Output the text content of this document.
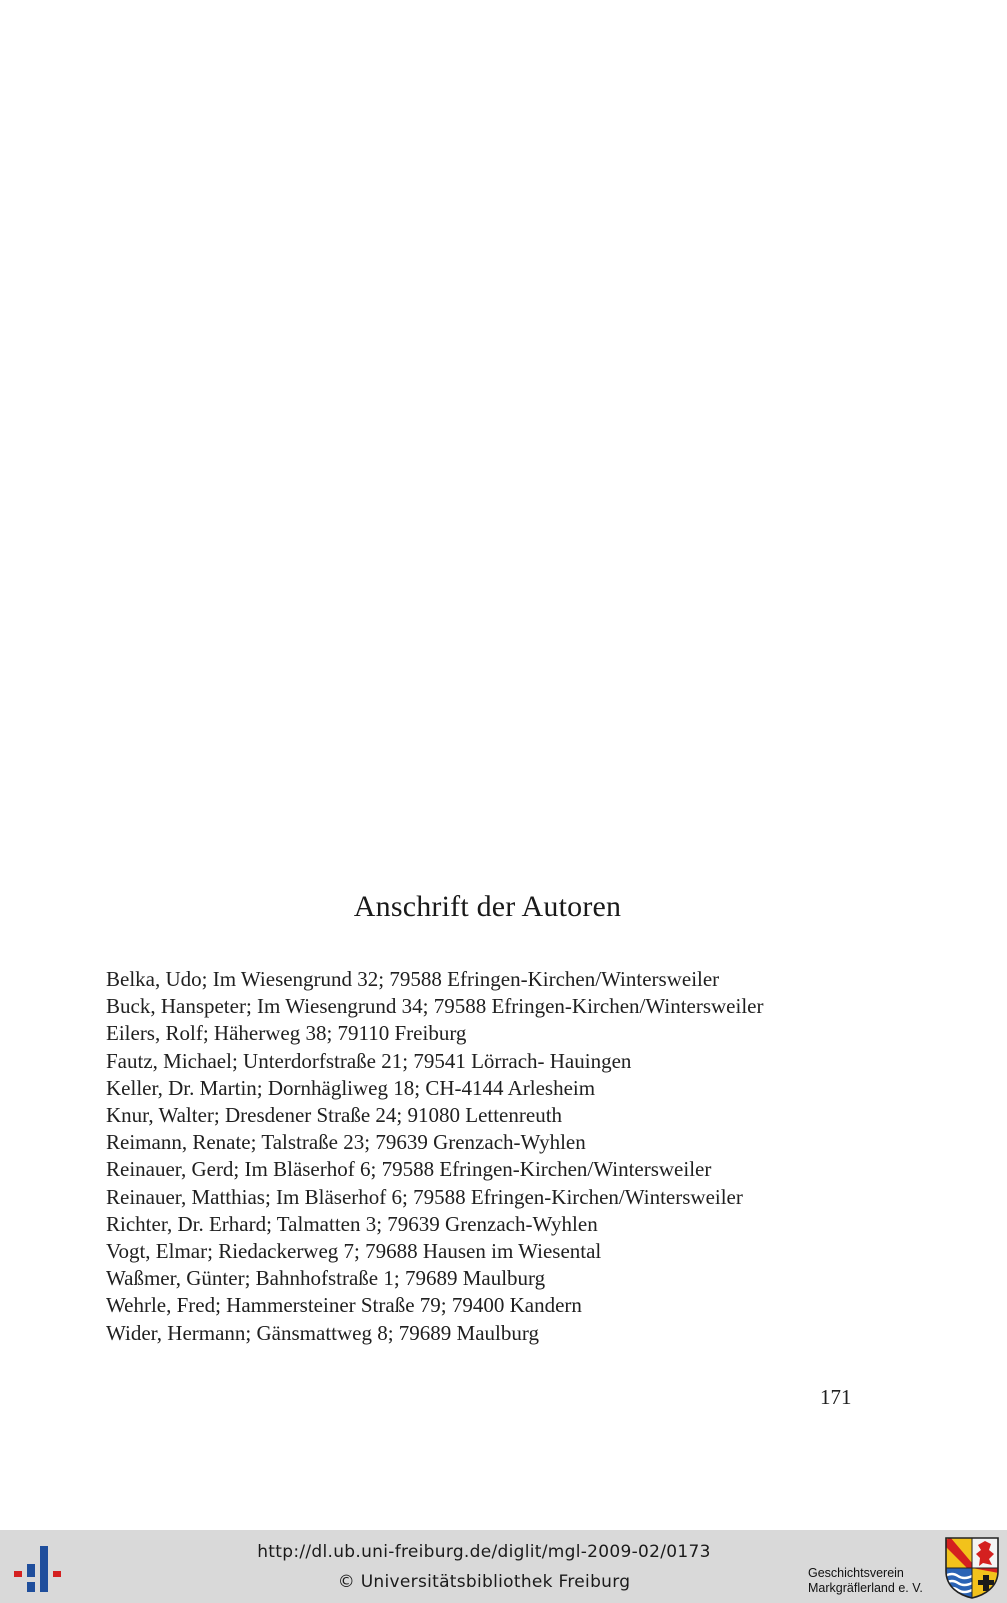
Anschrift der Autoren
Belka, Udo; Im Wiesengrund 32; 79588 Efringen-Kirchen/Wintersweiler
Buck, Hanspeter; Im Wiesengrund 34; 79588 Efringen-Kirchen/Wintersweiler
Eilers, Rolf; Häherweg 38; 79110 Freiburg
Fautz, Michael; Unterdorfstraße 21; 79541 Lörrach- Hauingen
Keller, Dr. Martin; Dornhägliweg 18; CH-4144 Arlesheim
Knur, Walter; Dresdener Straße 24; 91080 Lettenreuth
Reimann, Renate; Talstraße 23; 79639 Grenzach-Wyhlen
Reinauer, Gerd; Im Bläserhof 6; 79588 Efringen-Kirchen/Wintersweiler
Reinauer, Matthias; Im Bläserhof 6; 79588 Efringen-Kirchen/Wintersweiler
Richter, Dr. Erhard; Talmatten 3; 79639 Grenzach-Wyhlen
Vogt, Elmar; Riedackerweg 7; 79688 Hausen im Wiesental
Waßmer, Günter; Bahnhofstraße 1; 79689 Maulburg
Wehrle, Fred; Hammersteiner Straße 79; 79400 Kandern
Wider, Hermann; Gänsmattweg 8; 79689 Maulburg
171
http://dl.ub.uni-freiburg.de/diglit/mgl-2009-02/0173
© Universitätsbibliothek Freiburg	Geschichtsverein
Markgräflerland e. V.
